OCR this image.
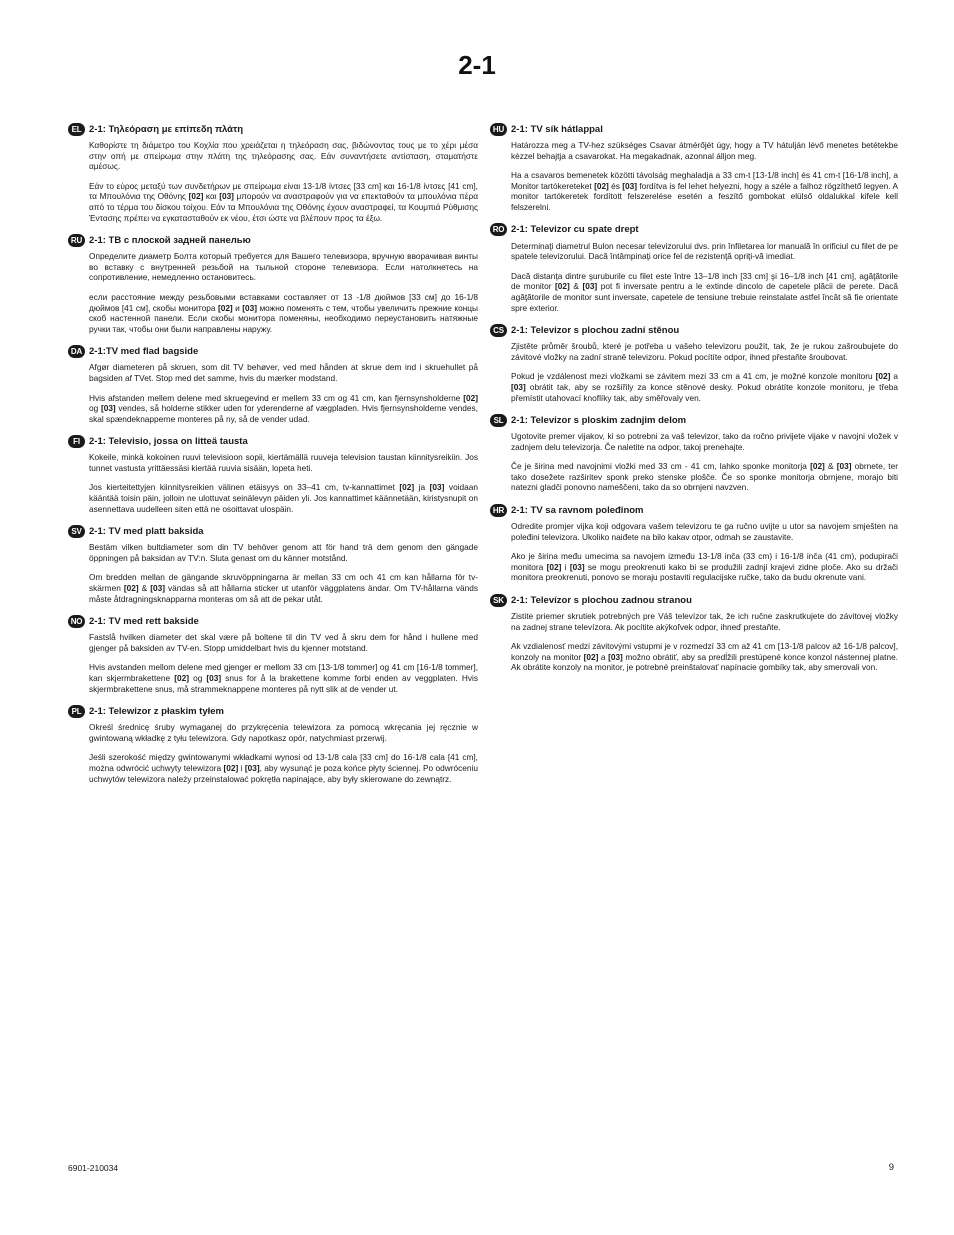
2-1
EL 2-1: Τηλεόραση με επίπεδη πλάτη

Καθορίστε τη διάμετρο του Κοχλία που χρειάζεται η τηλεόραση σας, βιδώνοντας τους με το χέρι μέσα στην οπή με σπείρωμα στην πλάτη της τηλεόρασης σας. Εάν συναντήσετε αντίσταση, σταματήστε αμέσως.

Εάν το εύρος μεταξύ των συνδετήρων με σπείρωμα είναι 13-1/8 ίντσες [33 cm] και 16-1/8 ίντσες [41 cm], τα Μπουλόνια της Οθόνης [02] και [03] μπορούν να αναστραφούν για να επεκταθούν τα μπουλόνια πέρα από το τέρμα του δίσκου τοίχου. Εάν τα Μπουλόνια της Οθόνης έχουν αναστραφεί, τα Κουμπιά Ρύθμισης Έντασης πρέπει να εγκατασταθούν εκ νέου, έτσι ώστε να βλέπουν προς τα έξω.

RU 2-1: ТВ с плоской задней панелью

Определите диаметр Болта который требуется для Вашего телевизора, вручную вворачивая винты во вставку с внутренней резьбой на тыльной стороне телевизора. Если натолкнетесь на сопротивление, немедленно остановитесь.

если расстояние между резьбовыми вставками составляет от 13 -1/8 дюймов [33 см] до 16-1/8 дюймов [41 см], скобы монитора [02] и [03] можно поменять с тем, чтобы увеличить прежние концы скоб настенной панели. Если скобы монитора поменяны, необходимо переустановить натяжные ручки так, чтобы они были направлены наружу.

DA 2-1:TV med flad bagside

Afgør diameteren på skruen, som dit TV behøver, ved med hånden at skrue dem ind i skruehullet på bagsiden af TVet. Stop med det samme, hvis du mærker modstand.

Hvis afstanden mellem delene med skruegevind er mellem 33 cm og 41 cm, kan fjernsynsholderne [02] og [03] vendes, så holderne stikker uden for yderenderne af vægpladen. Hvis fjernsynsholderne vendes, skal spændeknapperne monteres på ny, så de vender udad.

FI 2-1: Televisio, jossa on litteä tausta

Kokeile, minkä kokoinen ruuvi televisioon sopii, kiertämällä ruuveja television taustan kiinnitysreikiin. Jos tunnet vastusta yrittäessäsi kiertää ruuvia sisään, lopeta heti.

Jos kierteitettyjen kiinnitysreikien välinen etäisyys on 33–41 cm, tv-kannattimet [02] ja [03] voidaan kääntää toisin päin, jolloin ne ulottuvat seinälevyn päiden yli. Jos kannattimet käännetään, kiristysnupit on asennettava uudelleen siten että ne osoittavat ulospäin.

SV 2-1: TV med platt baksida

Bestäm vilken bultdiameter som din TV behöver genom att för hand trä dem genom den gängade öppningen på baksidan av TV:n. Sluta genast om du känner motstånd.

Om bredden mellan de gängande skruvöppningarna är mellan 33 cm och 41 cm kan hållarna för tv-skärmen [02] & [03] vändas så att hållarna sticker ut utanför väggplatens ändar. Om TV-hållarna vänds måste åtdragningsknapparna monteras om så att de pekar utåt.

NO 2-1: TV med rett bakside

Fastslå hvilken diameter det skal være på boltene til din TV ved å skru dem for hånd i hullene med gjenger på baksiden av TV-en. Stopp umiddelbart hvis du kjenner motstand.

Hvis avstanden mellom delene med gjenger er mellom 33 cm [13-1/8 tommer] og 41 cm [16-1/8 tommer], kan skjermbrakettene [02] og [03] snus for å la brakettene komme forbi enden av veggplaten. Hvis skjermbrakettene snus, må strammeknappene monteres på nytt slik at de vender ut.

PL 2-1: Telewizor z płaskim tyłem

Określ średnicę śruby wymaganej do przykręcenia telewizora za pomocą wkręcania jej ręcznie w gwintowaną wkładkę z tyłu telewizora. Gdy napotkasz opór, natychmiast przerwij.

Jeśli szerokość między gwintowanymi wkładkami wynosi od 13-1/8 cala [33 cm] do 16-1/8 cala [41 cm], można odwrócić uchwyty telewizora [02] i [03], aby wysunąć je poza końce płyty ściennej. Po odwróceniu uchwytów telewizora należy przeinstalować pokrętła napinające, aby były skierowane do zewnątrz.

HU 2-1: TV sík hátlappal

Határozza meg a TV-hez szükséges Csavar átmérőjét úgy, hogy a TV hátulján lévő menetes betétekbe kézzel behajtja a csavarokat. Ha megakadnak, azonnal álljon meg.

Ha a csavaros bemenetek közötti távolság meghaladja a 33 cm-t [13-1/8 inch] és 41 cm-t [16-1/8 inch], a Monitor tartókereteket [02] és [03] fordítva is fel lehet helyezni, hogy a széle a falhoz rögzíthető legyen. A monitor tartókeretek fordított felszerelése esetén a feszítő gombokat elülső oldalukkal kifele kell felszerelni.

RO 2-1: Televizor cu spate drept

Determinaţi diametrul Bulon necesar televizorului dvs. prin înfiletarea lor manuală în orificiul cu filet de pe spatele televizorului. Dacă întâmpinaţi orice fel de rezistenţă opriţi-vă imediat.

Dacă distanţa dintre şuruburile cu filet este între 13–1/8 inch [33 cm] şi 16–1/8 inch [41 cm], agăţătorile de monitor [02] & [03] pot fi inversate pentru a le extinde dincolo de capetele plăcii de perete. Dacă agăţătorile de monitor sunt inversate, capetele de tensiune trebuie reinstalate astfel încât să fie orientate spre exterior.

CS 2-1: Televizor s plochou zadní stěnou

Zjistěte průměr šroubů, které je potřeba u vašeho televizoru použít, tak, že je rukou zašroubujete do závitové vložky na zadní straně televizoru. Pokud pocítíte odpor, ihned přestaňte šroubovat.

Pokud je vzdálenost mezi vložkami se závitem mezi 33 cm a 41 cm, je možné konzole monitoru [02] a [03] obrátit tak, aby se rozšířily za konce stěnové desky. Pokud obrátíte konzole monitoru, je třeba přemístit utahovací knoflíky tak, aby směřovaly ven.

SL 2-1: Televizor s ploskim zadnjim delom

Ugotovite premer vijakov, ki so potrebni za vaš televizor, tako da ročno privijete vijake v navojni vložek v zadnjem delu televizorja. Če naletite na odpor, takoj prenehajte.

Če je širina med navojnimi vložki med 33 cm - 41 cm, lahko sponke monitorja [02] & [03] obrnete, ter tako dosežete razširitev sponk preko stenske plošče. Če so sponke monitorja obrnjene, morajo biti natezni gladči ponovno nameščeni, tako da so obrnjeni navzven.

HR 2-1: TV sa ravnom poleđinom

Odredite promjer vijka koji odgovara vašem televizoru te ga ručno uvijte u utor sa navojem smješten na poleđini televizora. Ukoliko naiđete na bilo kakav otpor, odmah se zaustavite.

Ako je širina među umecima sa navojem između 13-1/8 inča (33 cm) i 16-1/8 inča (41 cm), podupirači monitora [02] i [03] se mogu preokrenuti kako bi se produžili zadnji krajevi zidne ploče. Ako su držači monitora preokrenuti, ponovo se moraju postaviti regulacijske ručke, tako da budu okrenute vani.

SK 2-1: Televízor s plochou zadnou stranou

Zistite priemer skrutiek potrebných pre Váš televízor tak, že ich ručne zaskrutkujete do závitovej vložky na zadnej strane televízora. Ak pocítite akýkoľvek odpor, ihneď prestaňte.

Ak vzdialenosť medzi závitovými vstupmi je v rozmedzí 33 cm až 41 cm [13-1/8 palcov až 16-1/8 palcov], konzoly na monitor [02] a [03] možno obrátiť, aby sa predĺžili prestúpené konce konzol nástennej platne. Ak obrátite konzoly na monitor, je potrebné preinštalovať napínacie gombíky tak, aby smerovali von.

6901-210034	9
